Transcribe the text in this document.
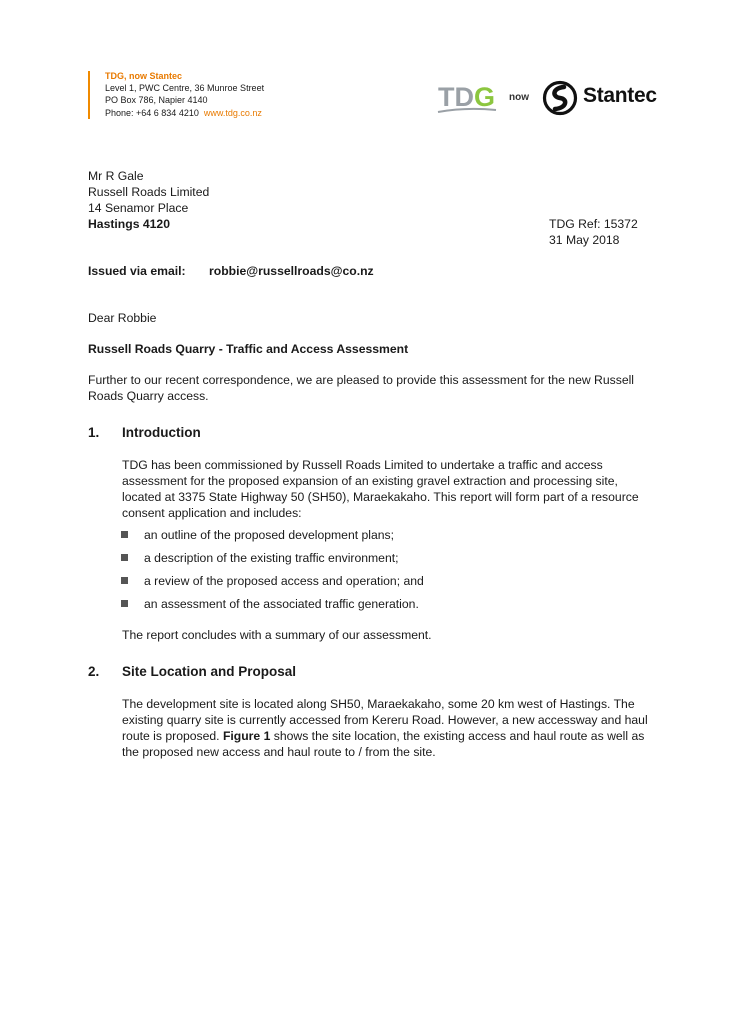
TDG, now Stantec
Level 1, PWC Centre, 36 Munroe Street
PO Box 786, Napier 4140
Phone: +64 6 834 4210 www.tdg.co.nz
TDG now	Stantec
Mr R Gale
Russell Roads Limited
14 Senamor Place
Hastings 4120	TDG Ref: 15372
31 May 2018
Issued via email: robbie@russellroads@co.nz
Dear Robbie
Russell Roads Quarry - Traffic and Access Assessment
Further to our recent correspondence, we are pleased to provide this assessment for the new Russell Roads Quarry access.
1. Introduction
TDG has been commissioned by Russell Roads Limited to undertake a traffic and access assessment for the proposed expansion of an existing gravel extraction and processing site, located at 3375 State Highway 50 (SH50), Maraekakaho. This report will form part of a resource consent application and includes:
an outline of the proposed development plans;
a description of the existing traffic environment;
a review of the proposed access and operation; and
an assessment of the associated traffic generation.
The report concludes with a summary of our assessment.
2. Site Location and Proposal
The development site is located along SH50, Maraekakaho, some 20 km west of Hastings. The existing quarry site is currently accessed from Kereru Road. However, a new accessway and haul route is proposed. Figure 1 shows the site location, the existing access and haul route as well as the proposed new access and haul route to / from the site.
